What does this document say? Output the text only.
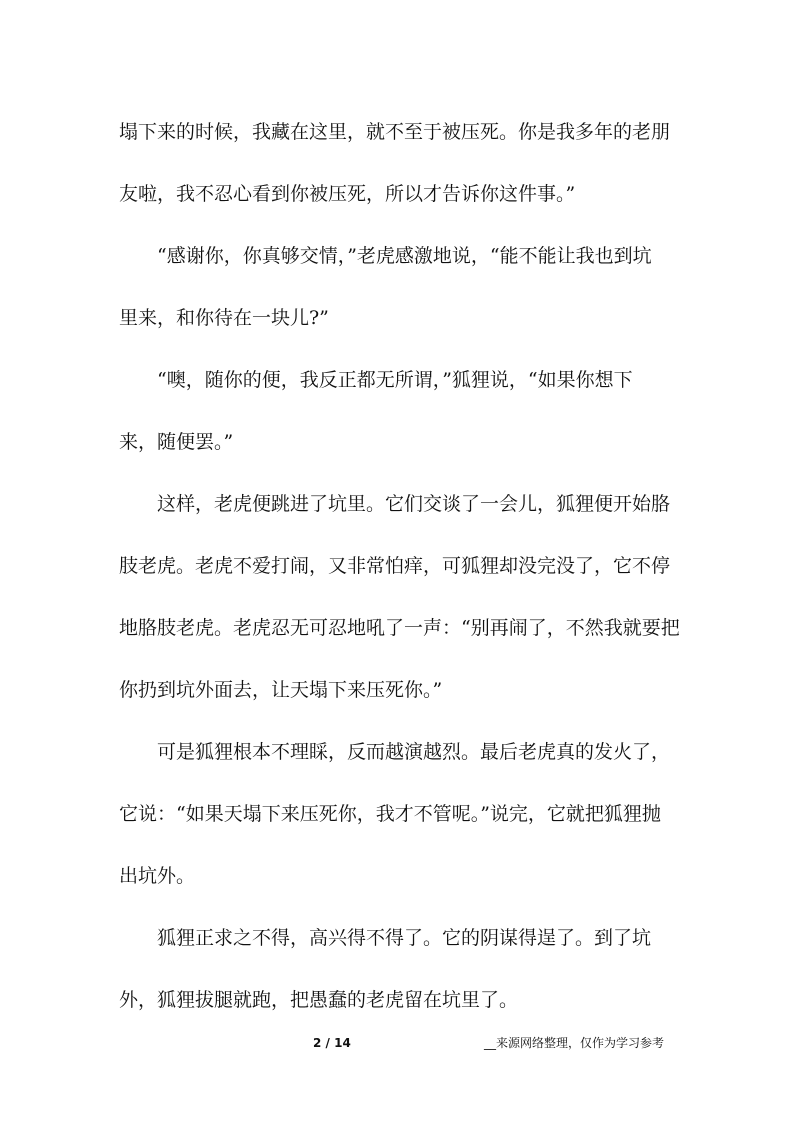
塌下来的时候，我藏在这里，就不至于被压死。你是我多年的老朋
友啦，我不忍心看到你被压死，所以才告诉你这件事。”
“感谢你，你真够交情，”老虎感激地说，“能不能让我也到坑
里来，和你待在一块儿?”
“噢，随你的便，我反正都无所谓，”狐狸说，“如果你想下
来，随便罢。”
这样，老虎便跳进了坑里。它们交谈了一会儿，狐狸便开始胳
肢老虎。老虎不爱打闹，又非常怕痒，可狐狸却没完没了，它不停
地胳肢老虎。老虎忍无可忍地吼了一声：“别再闹了，不然我就要把
你扔到坑外面去，让天塌下来压死你。”
可是狐狸根本不理睬，反而越演越烈。最后老虎真的发火了，
它说：“如果天塌下来压死你，我才不管呢。”说完，它就把狐狸抛
出坑外。
狐狸正求之不得，高兴得不得了。它的阴谋得逞了。到了坑
外，狐狸拔腿就跑，把愚蠢的老虎留在坑里了。
2 / 14	__来源网络整理，仅作为学习参考
